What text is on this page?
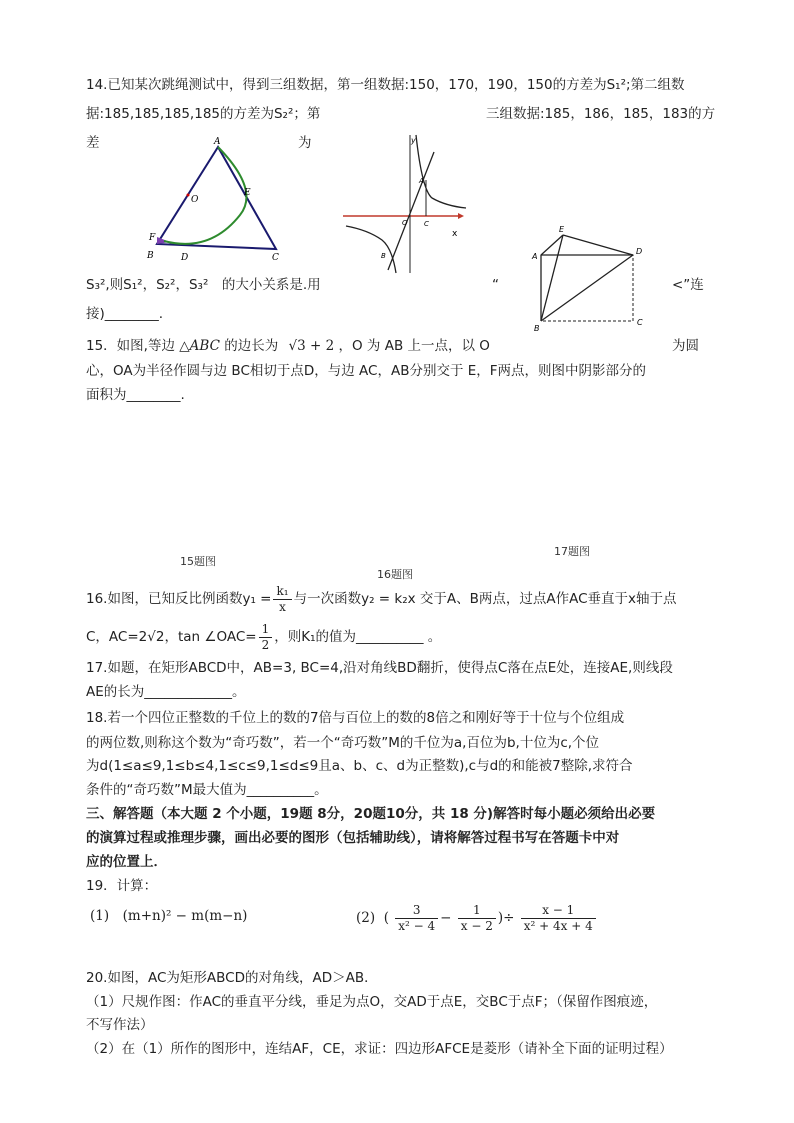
14.已知某次跳绳测试中，得到三组数据，第一组数据:150，170，190，150的方差为S₁²;第二组数
据:185,185,185,185的方差为S₂²；第	三组数据:185，186，185，183的方
差	为
A
B	C
D
E
F
O
y
x
O
A
B
C
A
B
C
D
E
S₃²,则S₁²，S₂²，S₃²　的大小关系是.用	“	<”连
接)________.
15．如图,等边 △ABC 的边长为 √3 + 2 ，O 为 AB 上一点，以 O	为圆
心，OA为半径作圆与边 BC相切于点D，与边 AC，AB分别交于 E，F两点，则图中阴影部分的
面积为________.
15题图
16题图
17题图
16.如图，已知反比例函数$y_1 = \frac{\text{k₁}}{x}$ 与一次函数y₂ = k₂x 交于A、B两点，过点A作AC垂直于x轴于点
C，AC=2√2，tan ∠OAC= $\frac{1}{2}$ ，则K₁的值为__________ 。
17.如题，在矩形ABCD中，AB=3, BC=4,沿对角线BD翻折，使得点C落在点E处，连接AE,则线段
AE的长为_____________。
18.若一个四位正整数的千位上的数的7倍与百位上的数的8倍之和刚好等于十位与个位组成
的两位数,则称这个数为“奇巧数”，若一个“奇巧数”M的千位为a,百位为b,十位为c,个位
为d(1≤a≤9,1≤b≤4,1≤c≤9,1≤d≤9且a、b、c、d为正整数),c与d的和能被7整除,求符合
条件的“奇巧数”M最大值为__________。
三、解答题（本大题 2 个小题，19题 8分，20题10分，共 18 分)解答时每小题必须给出必要
的演算过程或推理步骤，画出必要的图形（包括辅助线），请将解答过程书写在答题卡中对
应的位置上．
19．计算：
(1)　(m+n)² − m(m−n)	(2)  ( $\frac{3}{\text{x² − 4}} - \frac{1}{x - 2}$ )÷ $\frac{x - 1}{\text{x² + 4x + 4}}$
20.如图，AC为矩形ABCD的对角线，AD＞AB．
（1）尺规作图：作AC的垂直平分线，垂足为点O，交AD于点E，交BC于点F；（保留作图痕迹，
不写作法）
（2）在（1）所作的图形中，连结AF，CE，求证：四边形AFCE是菱形（请补全下面的证明过程）
